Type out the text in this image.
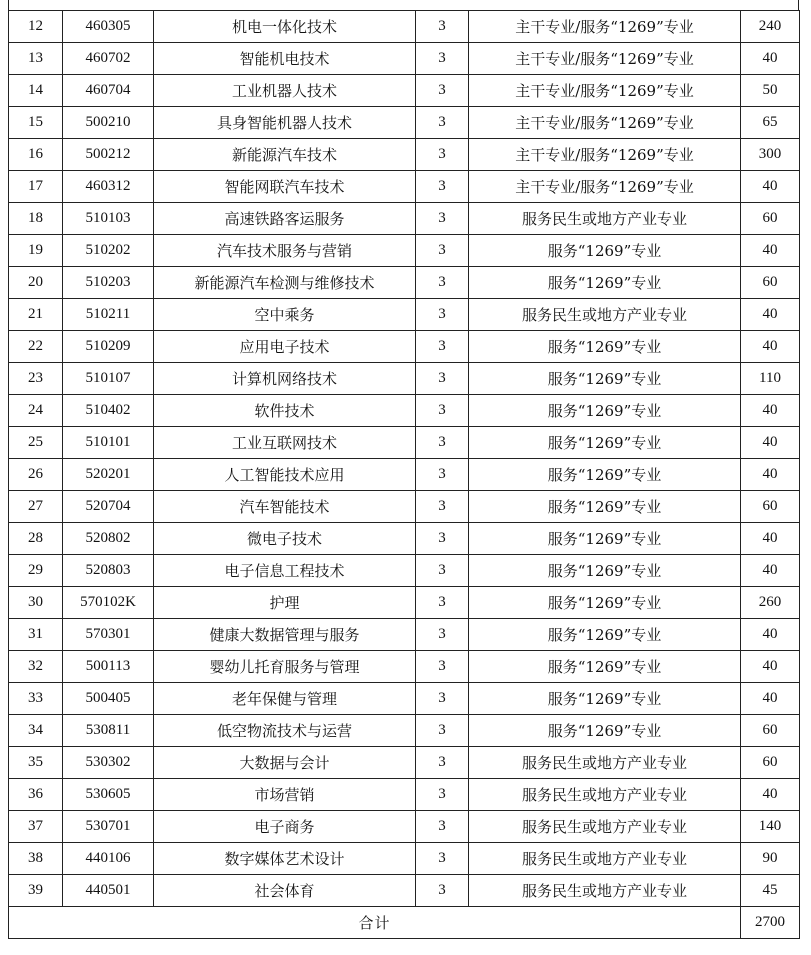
12	460305	机电一体化技术	3	主干专业/服务“1269”专业	240
13	460702	智能机电技术	3	主干专业/服务“1269”专业	40
14	460704	工业机器人技术	3	主干专业/服务“1269”专业	50
15	500210	具身智能机器人技术	3	主干专业/服务“1269”专业	65
16	500212	新能源汽车技术	3	主干专业/服务“1269”专业	300
17	460312	智能网联汽车技术	3	主干专业/服务“1269”专业	40
18	510103	高速铁路客运服务	3	服务民生或地方产业专业	60
19	510202	汽车技术服务与营销	3	服务“1269”专业	40
20	510203	新能源汽车检测与维修技术	3	服务“1269”专业	60
21	510211	空中乘务	3	服务民生或地方产业专业	40
22	510209	应用电子技术	3	服务“1269”专业	40
23	510107	计算机网络技术	3	服务“1269”专业	110
24	510402	软件技术	3	服务“1269”专业	40
25	510101	工业互联网技术	3	服务“1269”专业	40
26	520201	人工智能技术应用	3	服务“1269”专业	40
27	520704	汽车智能技术	3	服务“1269”专业	60
28	520802	微电子技术	3	服务“1269”专业	40
29	520803	电子信息工程技术	3	服务“1269”专业	40
30	570102K	护理	3	服务“1269”专业	260
31	570301	健康大数据管理与服务	3	服务“1269”专业	40
32	500113	婴幼儿托育服务与管理	3	服务“1269”专业	40
33	500405	老年保健与管理	3	服务“1269”专业	40
34	530811	低空物流技术与运营	3	服务“1269”专业	60
35	530302	大数据与会计	3	服务民生或地方产业专业	60
36	530605	市场营销	3	服务民生或地方产业专业	40
37	530701	电子商务	3	服务民生或地方产业专业	140
38	440106	数字媒体艺术设计	3	服务民生或地方产业专业	90
39	440501	社会体育	3	服务民生或地方产业专业	45
合计					2700
